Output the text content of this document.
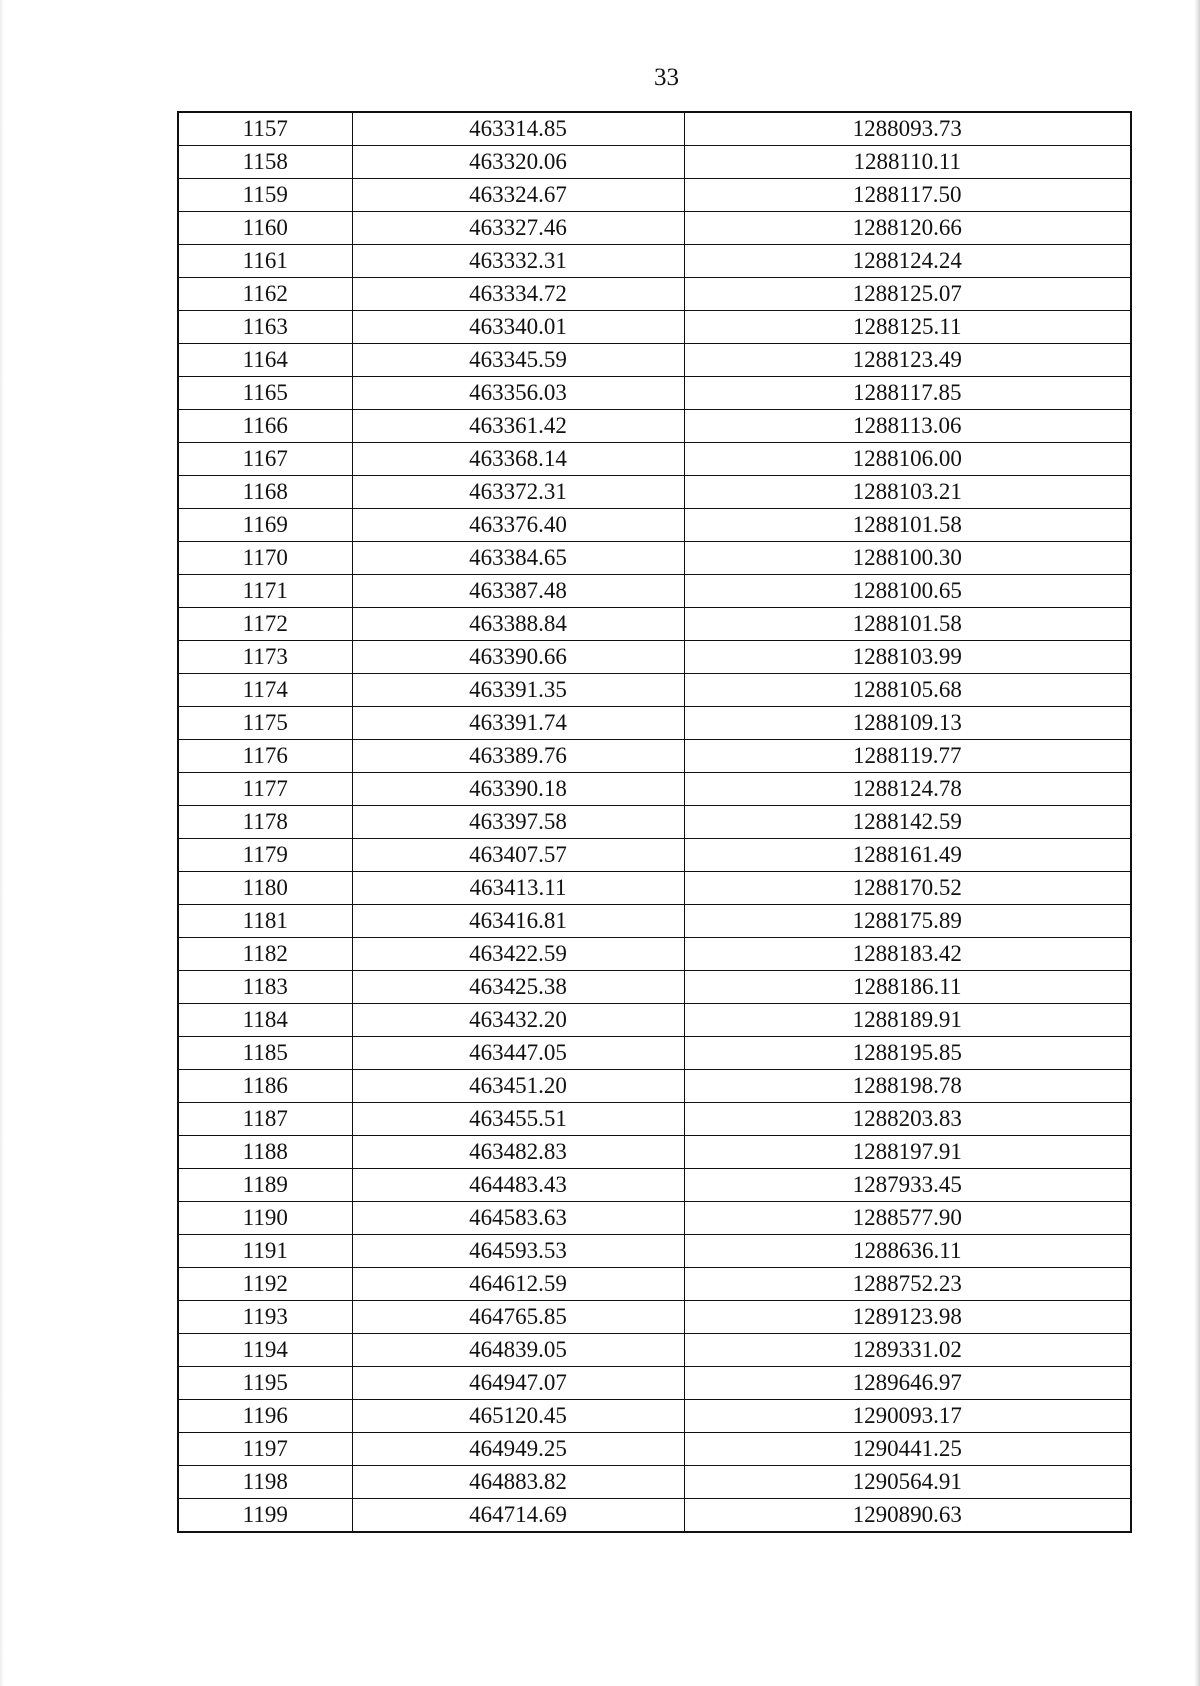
33
1157	463314.85	1288093.73
1158	463320.06	1288110.11
1159	463324.67	1288117.50
1160	463327.46	1288120.66
1161	463332.31	1288124.24
1162	463334.72	1288125.07
1163	463340.01	1288125.11
1164	463345.59	1288123.49
1165	463356.03	1288117.85
1166	463361.42	1288113.06
1167	463368.14	1288106.00
1168	463372.31	1288103.21
1169	463376.40	1288101.58
1170	463384.65	1288100.30
1171	463387.48	1288100.65
1172	463388.84	1288101.58
1173	463390.66	1288103.99
1174	463391.35	1288105.68
1175	463391.74	1288109.13
1176	463389.76	1288119.77
1177	463390.18	1288124.78
1178	463397.58	1288142.59
1179	463407.57	1288161.49
1180	463413.11	1288170.52
1181	463416.81	1288175.89
1182	463422.59	1288183.42
1183	463425.38	1288186.11
1184	463432.20	1288189.91
1185	463447.05	1288195.85
1186	463451.20	1288198.78
1187	463455.51	1288203.83
1188	463482.83	1288197.91
1189	464483.43	1287933.45
1190	464583.63	1288577.90
1191	464593.53	1288636.11
1192	464612.59	1288752.23
1193	464765.85	1289123.98
1194	464839.05	1289331.02
1195	464947.07	1289646.97
1196	465120.45	1290093.17
1197	464949.25	1290441.25
1198	464883.82	1290564.91
1199	464714.69	1290890.63
